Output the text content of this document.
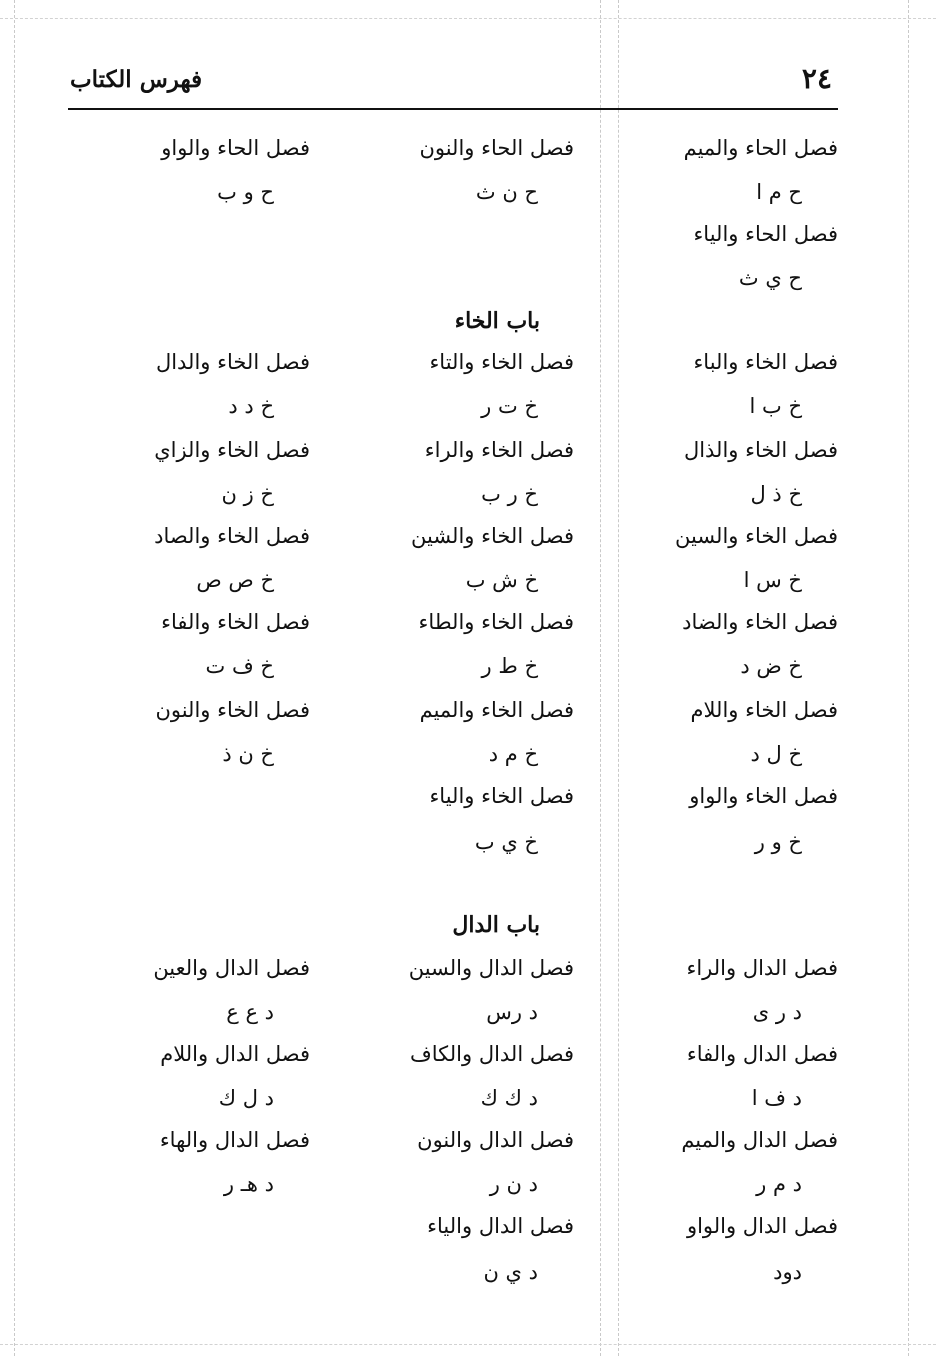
٢٤
فهرس الكتاب
فصل الحاء والميم
ح م ا
فصل الحاء والياء
ح ي ث
فصل الحاء والنون
ح ن ث
فصل الحاء والواو
ح و ب
باب الخاء
فصل الخاء والباء
خ ب ا
فصل الخاء والذال
خ ذ ل
فصل الخاء والسين
خ س ا
فصل الخاء والضاد
خ ض د
فصل الخاء واللام
خ ل د
فصل الخاء والواو
خ و ر
فصل الخاء والتاء
خ ت ر
فصل الخاء والراء
خ ر ب
فصل الخاء والشين
خ ش ب
فصل الخاء والطاء
خ ط ر
فصل الخاء والميم
خ م د
فصل الخاء والياء
خ ي ب
فصل الخاء والدال
خ د د
فصل الخاء والزاي
خ ز ن
فصل الخاء والصاد
خ ص ص
فصل الخاء والفاء
خ ف ت
فصل الخاء والنون
خ ن ذ
باب الدال
فصل الدال والراء
د ر ى
فصل الدال والفاء
د ف ا
فصل الدال والميم
د م ر
فصل الدال والواو
دود
فصل الدال والسين
د رس
فصل الدال والكاف
د ك ك
فصل الدال والنون
د ن ر
فصل الدال والياء
د ي ن
فصل الدال والعين
د ع ع
فصل الدال واللام
د ل ك
فصل الدال والهاء
د هـ ر
